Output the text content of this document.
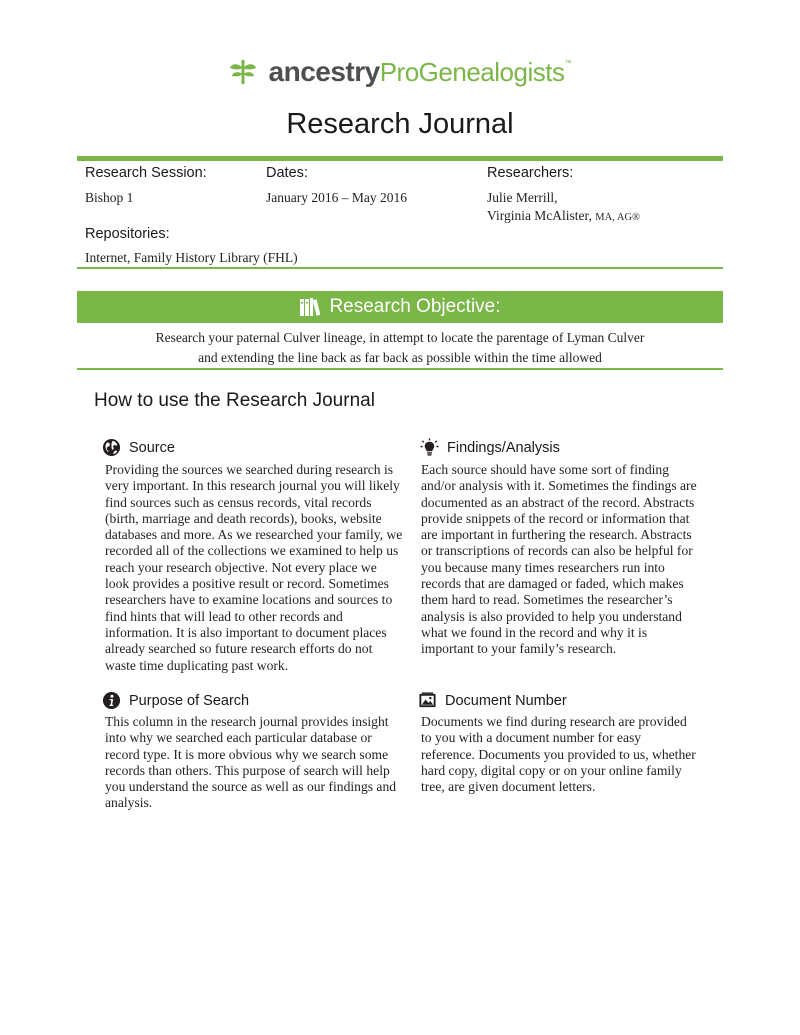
ancestry ProGenealogists ™
Research Journal
Research Session:
Bishop 1
Dates:
January 2016 – May 2016
Researchers:
Julie Merrill,
Virginia McAlister, MA, AG®
Repositories:
Internet, Family History Library (FHL)
Research Objective:
Research your paternal Culver lineage, in attempt to locate the parentage of Lyman Culver
and extending the line back as far back as possible within the time allowed
How to use the Research Journal
Source
Providing the sources we searched during research is
very important. In this research journal you will likely
find sources such as census records, vital records
(birth, marriage and death records), books, website
databases and more. As we researched your family, we
recorded all of the collections we examined to help us
reach your research objective. Not every place we
look provides a positive result or record. Sometimes
researchers have to examine locations and sources to
find hints that will lead to other records and
information. It is also important to document places
already searched so future research efforts do not
waste time duplicating past work.
Findings/Analysis
Each source should have some sort of finding
and/or analysis with it. Sometimes the findings are
documented as an abstract of the record. Abstracts
provide snippets of the record or information that
are important in furthering the research. Abstracts
or transcriptions of records can also be helpful for
you because many times researchers run into
records that are damaged or faded, which makes
them hard to read. Sometimes the researcher’s
analysis is also provided to help you understand
what we found in the record and why it is
important to your family’s research.
Purpose of Search
This column in the research journal provides insight
into why we searched each particular database or
record type. It is more obvious why we search some
records than others. This purpose of search will help
you understand the source as well as our findings and
analysis.
Document Number
Documents we find during research are provided
to you with a document number for easy
reference. Documents you provided to us, whether
hard copy, digital copy or on your online family
tree, are given document letters.
